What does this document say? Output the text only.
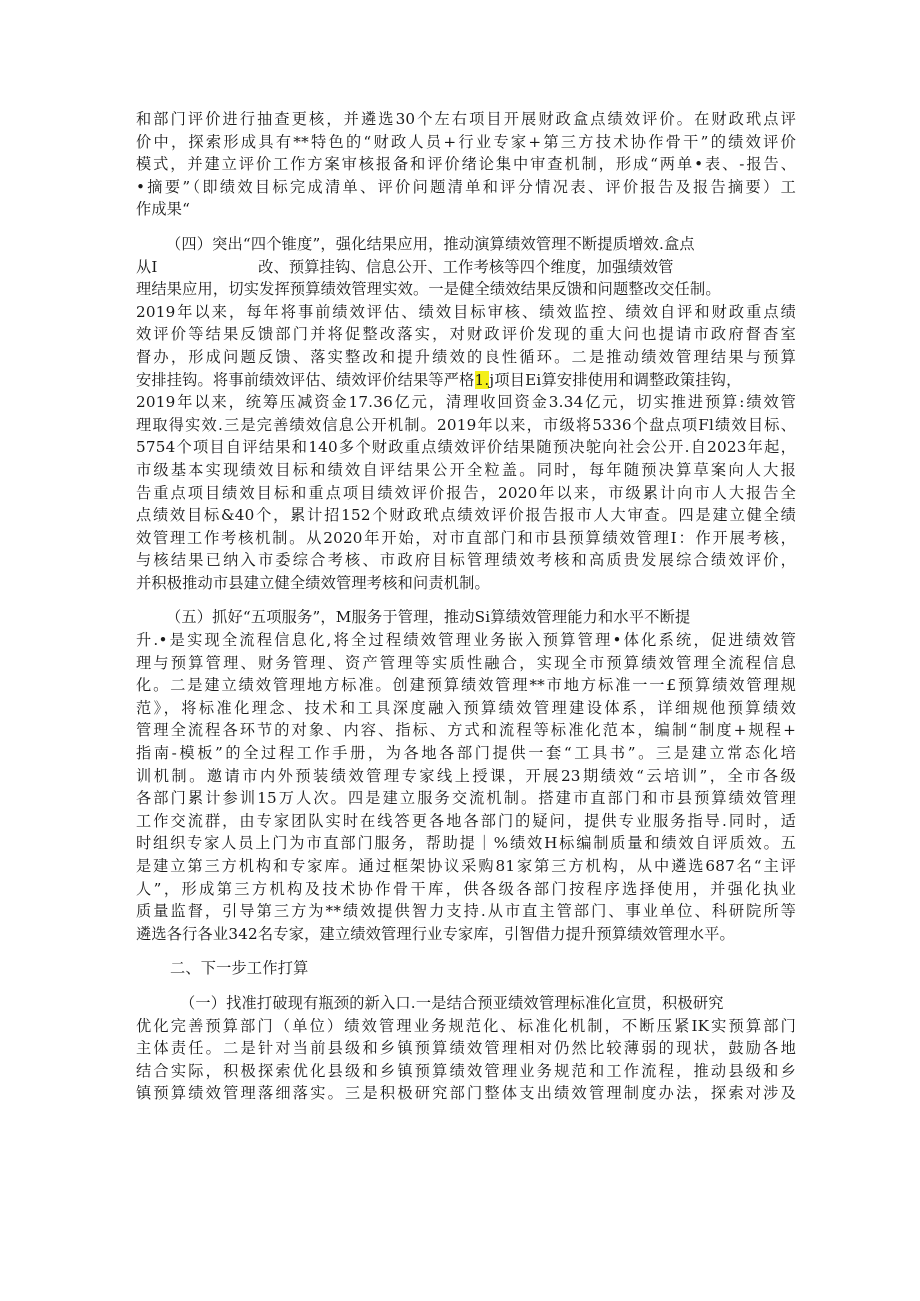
和部门评价进行抽查更核，并遴选30个左右项目开展财政盒点绩效评价。在财政玳点评
价中，探索形成具有**特色的“财政人员+行业专家+第三方技术协作骨干”的绩效评价
模式，并建立评价工作方案审核报备和评价绪论集中审查机制，形成“两单•表、-报告、
•摘要”（即绩效目标完成清单、评价问题清单和评分情况表、评价报告及报告摘要）工
作成果“
（四）突出“四个锥度”，强化结果应用，推动演算绩效管理不断提质增效.盒点
从I                    改、预算挂钩、信息公开、工作考核等四个维度，加强绩效管
理结果应用，切实发挥预算绩效管理实效。一是健全绩效结果反馈和问题整改交任制。
2019年以来，每年将事前绩效评估、绩效目标审核、绩效监控、绩效自评和财政重点绩
效评价等结果反馈部门并将促整改落实，对财政评价发现的重大问也提请市政府督杳室
督办，形成问题反馈、落实整改和提升绩效的良性循环。二是推动绩效管理结果与预算
安排挂钩。将事前绩效评估、绩效评价结果等严格1.j项目Ei算安排使用和调整政策挂钩，
2019年以来，统筹压减资金17.36亿元，清理收回资金3.34亿元，切实推进预算:绩效管
理取得实效.三是完善绩效信息公开机制。2019年以来，市级将5336个盘点项Fl绩效目标、
5754个项目自评结果和140多个财政重点绩效评价结果随预决鸵向社会公开.自2023年起，
市级基本实现绩效目标和绩效自评结果公开全粒盖。同时，每年随预决算草案向人大报
告重点项目绩效目标和重点项目绩效评价报告，2020年以来，市级累计向市人大报告全
点绩效目标&40个，累计招152个财政玳点绩效评价报告报市人大审查。四是建立健全绩
效管理工作考核机制。从2020年开始，对市直部门和市县预算绩效管理I：作开展考核，
与核结果已纳入市委综合考核、市政府目标管理绩效考核和高质贵发展综合绩效评价，
并积极推动市县建立健全绩效管理考核和问责机制。
（五）抓好“五项服务”，M服务于管理，推动Si算绩效管理能力和水平不断提
升.•是实现全流程信息化,将全过程绩效管理业务嵌入预算管理•体化系统，促进绩效管
理与预算管理、财务管理、资产管理等实质性融合，实现全市预算绩效管理全流程信息
化。二是建立绩效管理地方标准。创建预算绩效管理**市地方标准一一£预算绩效管理规
范》，将标准化理念、技术和工具深度融入预算绩效管理建设体系，详细规他预算绩效
管理全流程各环节的对象、内容、指标、方式和流程等标准化范本，编制“制度+规程+
指南-模板”的全过程工作手册，为各地各部门提供一套“工具书”。三是建立常态化培
训机制。邀请市内外预装绩效管理专家线上授课，开展23期绩效“云培训”，全市各级
各部门累计参训15万人次。四是建立服务交流机制。搭建市直部门和市县预算绩效管理
工作交流群，由专家团队实时在线答更各地各部门的疑问，提供专业服务指导.同时，适
时组织专家人员上门为市直部门服务，帮助提｜%绩效H标编制质量和绩效自评质效。五
是建立第三方机构和专家库。通过框架协议采购81家第三方机构，从中遴选687名“主评
人”，形成第三方机构及技术协作骨干库，供各级各部门按程序选择使用，并强化执业
质量监督，引导第三方为**绩效提供智力支持.从市直主管部门、事业单位、科研院所等
遴选各行各业342名专家，建立绩效管理行业专家库，引智借力提升预算绩效管理水平。
二、下一步工作打算
（一）找准打破现有瓶颈的新入口.一是结合预亚绩效管理标准化宣贯，积极研究
优化完善预算部门（单位）绩效管理业务规范化、标准化机制，不断压紧IK实预算部门
主体责任。二是针对当前县级和乡镇预算绩效管理相对仍然比较薄弱的现状，鼓励各地
结合实际，积极探索优化县级和乡镇预算绩效管理业务规范和工作流程，推动县级和乡
镇预算绩效管理落细落实。三是积极研究部门整体支出绩效管理制度办法，探索对涉及
